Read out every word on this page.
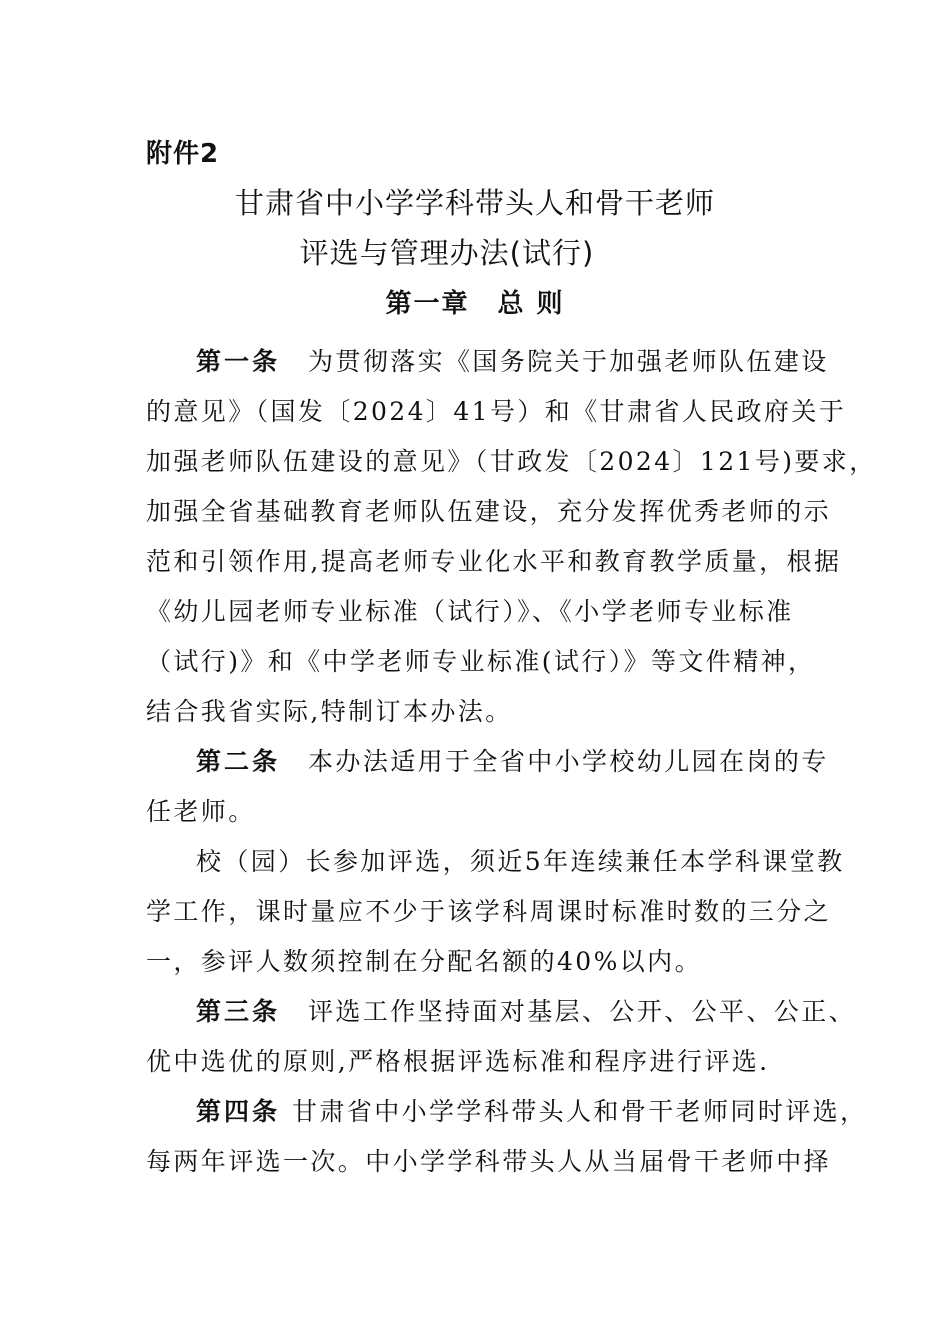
附件2
甘肃省中小学学科带头人和骨干老师
评选与管理办法(试行)
第一章　总 则
第一条 为贯彻落实《国务院关于加强老师队伍建设
的意见》（国发〔2024〕41号）和《甘肃省人民政府关于
加强老师队伍建设的意见》（甘政发〔2024〕121号)要求，
加强全省基础教育老师队伍建设，充分发挥优秀老师的示
范和引领作用,提高老师专业化水平和教育教学质量，根据
《幼儿园老师专业标准（试行）》、《小学老师专业标准
（试行)》和《中学老师专业标准(试行）》等文件精神，
结合我省实际,特制订本办法。
第二条 本办法适用于全省中小学校幼儿园在岗的专
任老师。
校（园）长参加评选，须近5年连续兼任本学科课堂教
学工作，课时量应不少于该学科周课时标准时数的三分之
一，参评人数须控制在分配名额的40%以内。
第三条 评选工作坚持面对基层、公开、公平、公正、
优中选优的原则,严格根据评选标准和程序进行评选.
第四条 甘肃省中小学学科带头人和骨干老师同时评选，
每两年评选一次。中小学学科带头人从当届骨干老师中择
